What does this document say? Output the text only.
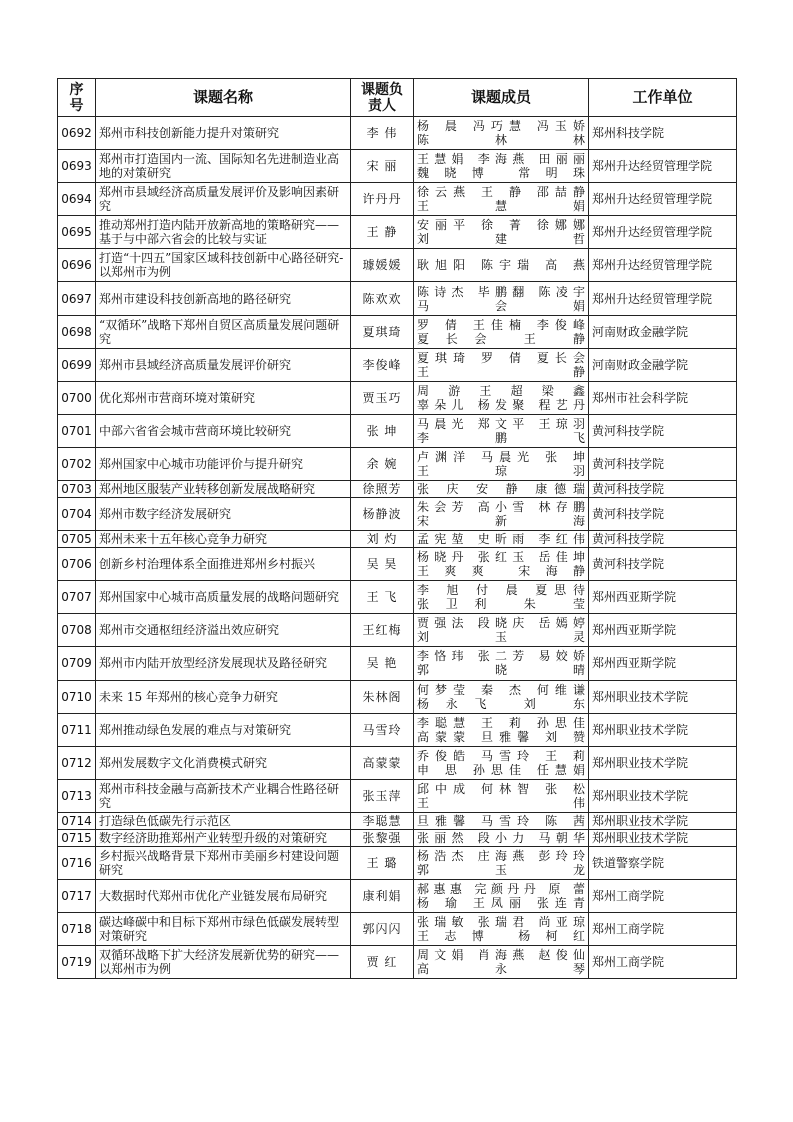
序号	课题名称	课题负责人	课题成员	工作单位
0692	郑州市科技创新能力提升对策研究	李 伟	杨 晨 冯巧慧 冯玉娇
陈林林	郑州科技学院
0693	郑州市打造国内一流、国际知名先进制造业高地的对策研究	宋 丽	王慧娟 李海燕 田丽丽
魏晓博 常明珠	郑州升达经贸管理学院
0694	郑州市县域经济高质量发展评价及影响因素研究	许丹丹	徐云燕 王 静 邵喆静
王慧娟	郑州升达经贸管理学院
0695	推动郑州打造内陆开放新高地的策略研究——基于与中部六省会的比较与实证	王 静	安丽平 徐 菁 徐娜娜
刘建哲	郑州升达经贸管理学院
0696	打造“十四五”国家区域科技创新中心路径研究-以郑州市为例	璩媛媛	耿旭阳 陈宇瑞 高 燕	郑州升达经贸管理学院
0697	郑州市建设科技创新高地的路径研究	陈欢欢	陈诗杰 毕鹏翻 陈凌宇
马会娟	郑州升达经贸管理学院
0698	“双循环”战略下郑州自贸区高质量发展问题研究	夏琪琦	罗 倩 王佳楠 李俊峰
夏长会 王 静	河南财政金融学院
0699	郑州市县域经济高质量发展评价研究	李俊峰	夏琪琦 罗 倩 夏长会
王 静	河南财政金融学院
0700	优化郑州市营商环境对策研究	贾玉巧	周 游 王 超 梁 鑫
辜朵儿 杨发聚 程艺丹	郑州市社会科学院
0701	中部六省省会城市营商环境比较研究	张 坤	马晨光 郑文平 王琼羽
李鹏飞	黄河科技学院
0702	郑州国家中心城市功能评价与提升研究	余 婉	卢渊洋 马晨光 张 坤
王琼羽	黄河科技学院
0703	郑州地区服装产业转移创新发展战略研究	徐照芳	张 庆 安 静 康德瑞	黄河科技学院
0704	郑州市数字经济发展研究	杨静波	朱会芳 高小雪 林存鹏
宋新海	黄河科技学院
0705	郑州未来十五年核心竞争力研究	刘 灼	孟宪堃 史昕雨 李红伟	黄河科技学院
0706	创新乡村治理体系全面推进郑州乡村振兴	吴 昊	杨晓丹 张红玉 岳佳坤
王爽爽 宋海静	黄河科技学院
0707	郑州国家中心城市高质量发展的战略问题研究	王 飞	李 旭 付 晨 夏思待
张卫利 朱 莹	郑州西亚斯学院
0708	郑州市交通枢纽经济溢出效应研究	王红梅	贾强法 段晓庆 岳嫣婷
刘玉灵	郑州西亚斯学院
0709	郑州市内陆开放型经济发展现状及路径研究	吴 艳	李恪玮 张二芳 易姣娇
郭晓晴	郑州西亚斯学院
0710	未来 15 年郑州的核心竞争力研究	朱林阁	何梦莹 秦 杰 何维谦
杨永飞 刘 东	郑州职业技术学院
0711	郑州推动绿色发展的难点与对策研究	马雪玲	李聪慧 王 莉 孙思佳
高蒙蒙 旦雅馨 刘 赞	郑州职业技术学院
0712	郑州发展数字文化消费模式研究	高蒙蒙	乔俊皓 马雪玲 王 莉
申 思 孙思佳 任慧娟	郑州职业技术学院
0713	郑州市科技金融与高新技术产业耦合性路径研究	张玉萍	邱中成 何林智 张 松
王 伟	郑州职业技术学院
0714	打造绿色低碳先行示范区	李聪慧	旦雅馨 马雪玲 陈 茜	郑州职业技术学院
0715	数字经济助推郑州产业转型升级的对策研究	张黎强	张丽然 段小力 马朝华	郑州职业技术学院
0716	乡村振兴战略背景下郑州市美丽乡村建设问题研究	王 璐	杨浩杰 庄海燕 彭玲玲
郭玉龙	铁道警察学院
0717	大数据时代郑州市优化产业链发展布局研究	康利娟	郝惠惠 完颜丹丹 原 蕾
杨 瑜 王凤丽 张连青	郑州工商学院
0718	碳达峰碳中和目标下郑州市绿色低碳发展转型对策研究	郭闪闪	张瑞敏 张瑞君 尚亚琼
王志博 杨柯红	郑州工商学院
0719	双循环战略下扩大经济发展新优势的研究——以郑州市为例	贾 红	周文娟 肖海燕 赵俊仙
高永琴	郑州工商学院
